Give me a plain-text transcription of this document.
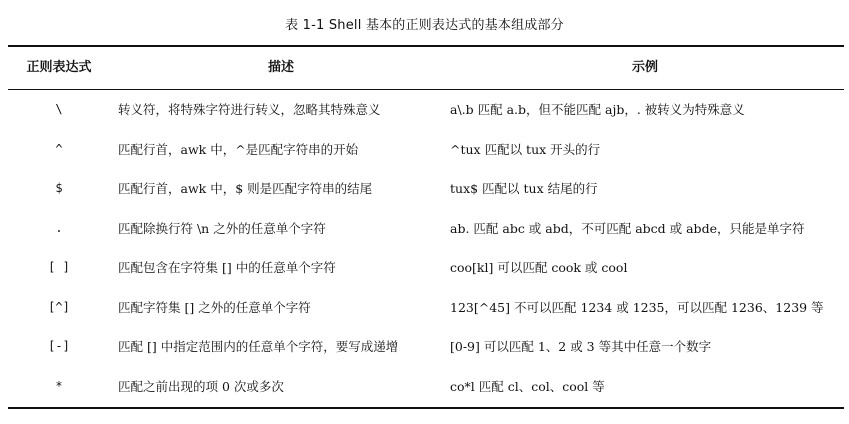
表 1-1 Shell 基本的正则表达式的基本组成部分
正则表达式	描述	示例
\	转义符，将特殊字符进行转义，忽略其特殊意义	a\.b 匹配 a.b，但不能匹配 ajb，. 被转义为特殊意义
^	匹配行首，awk 中，^是匹配字符串的开始	^tux 匹配以 tux 开头的行
$	匹配行首，awk 中，$ 则是匹配字符串的结尾	tux$ 匹配以 tux 结尾的行
.	匹配除换行符 \n 之外的任意单个字符	ab. 匹配 abc 或 abd，不可匹配 abcd 或 abde，只能是单字符
[ ]	匹配包含在字符集 [] 中的任意单个字符	coo[kl] 可以匹配 cook 或 cool
[^]	匹配字符集 [] 之外的任意单个字符	123[^45] 不可以匹配 1234 或 1235，可以匹配 1236、1239 等
[-]	匹配 [] 中指定范围内的任意单个字符，要写成递增	[0-9] 可以匹配 1、2 或 3 等其中任意一个数字
*	匹配之前出现的项 0 次或多次	co*l 匹配 cl、col、cool 等
